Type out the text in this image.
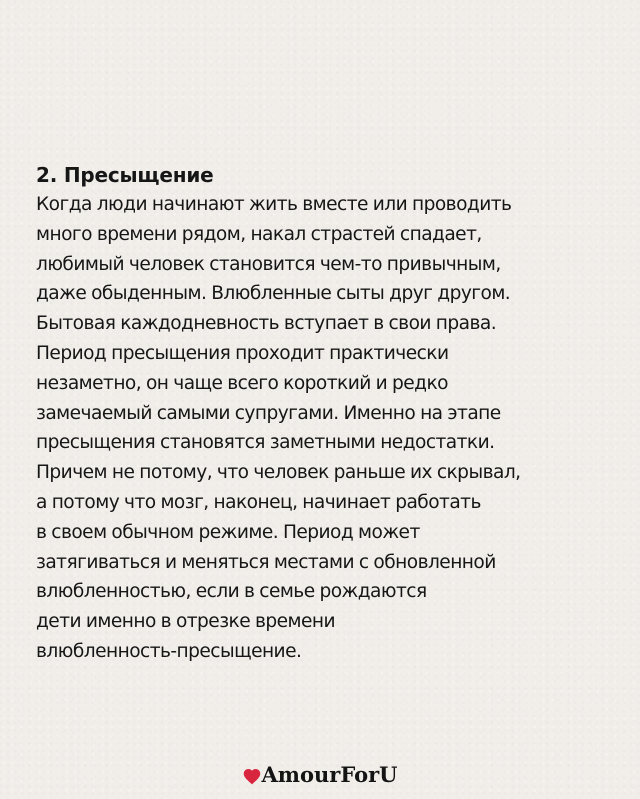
2. Пресыщение

Когда люди начинают жить вместе или проводить
много времени рядом, накал страстей спадает,
любимый человек становится чем-то привычным,
даже обыденным. Влюбленные сыты друг другом.
Бытовая каждодневность вступает в свои права.
Период пресыщения проходит практически
незаметно, он чаще всего короткий и редко
замечаемый самыми супругами. Именно на этапе
пресыщения становятся заметными недостатки.
Причем не потому, что человек раньше их скрывал,
а потому что мозг, наконец, начинает работать
в своем обычном режиме. Период может
затягиваться и меняться местами с обновленной
влюбленностью, если в семье рождаются
дети именно в отрезке времени
влюбленность-пресыщение.

AmourForU
